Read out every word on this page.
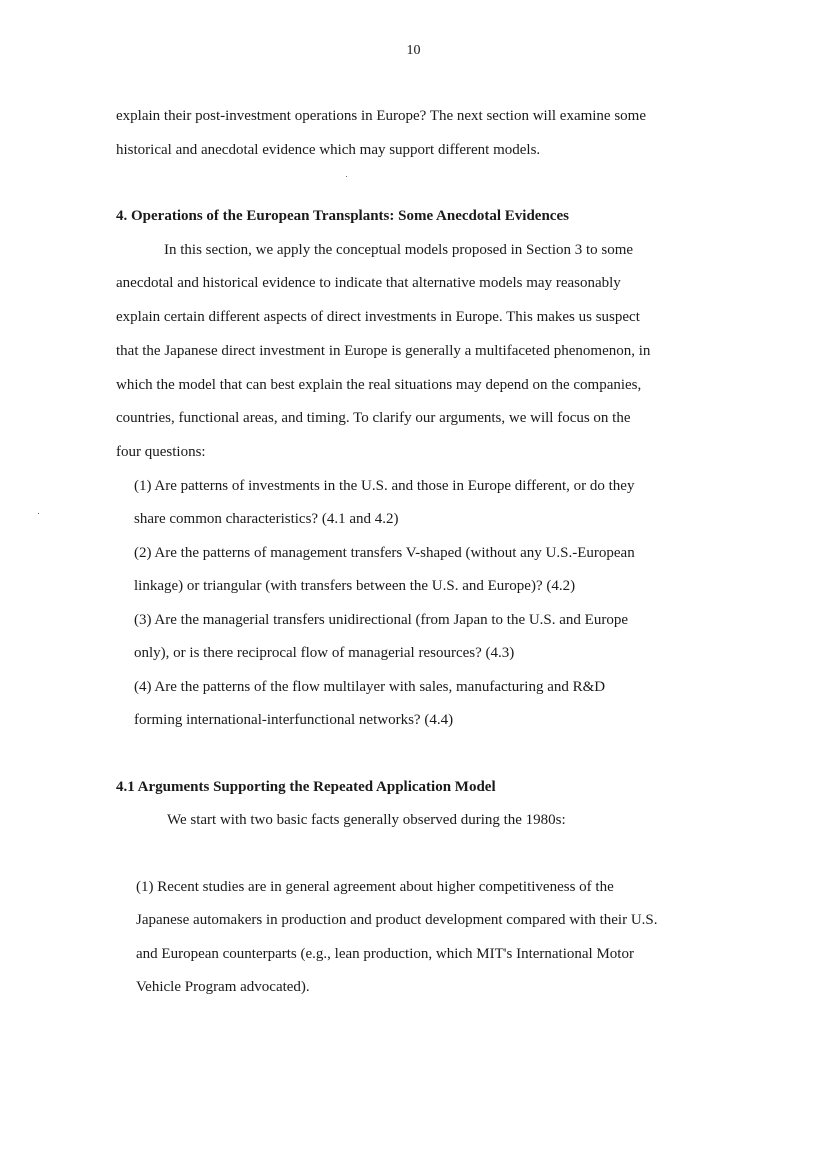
10
explain their post-investment operations in Europe? The next section will examine some
historical and anecdotal evidence which may support different models.
4. Operations of the European Transplants: Some Anecdotal Evidences
In this section, we apply the conceptual models proposed in Section 3 to some
anecdotal and historical evidence to indicate that alternative models may reasonably
explain certain different aspects of direct investments in Europe. This makes us suspect
that the Japanese direct investment in Europe is generally a multifaceted phenomenon, in
which the model that can best explain the real situations may depend on the companies,
countries, functional areas, and timing. To clarify our arguments, we will focus on the
four questions:
(1) Are patterns of investments in the U.S. and those in Europe different, or do they
share common characteristics? (4.1 and 4.2)
(2) Are the patterns of management transfers V-shaped (without any U.S.-European
linkage) or triangular (with transfers between the U.S. and Europe)? (4.2)
(3) Are the managerial transfers unidirectional (from Japan to the U.S. and Europe
only), or is there reciprocal flow of managerial resources? (4.3)
(4) Are the patterns of the flow multilayer with sales, manufacturing and R&D
forming international-interfunctional networks? (4.4)
4.1 Arguments Supporting the Repeated Application Model
We start with two basic facts generally observed during the 1980s:
(1) Recent studies are in general agreement about higher competitiveness of the
Japanese automakers in production and product development compared with their U.S.
and European counterparts (e.g., lean production, which MIT's International Motor
Vehicle Program advocated).
